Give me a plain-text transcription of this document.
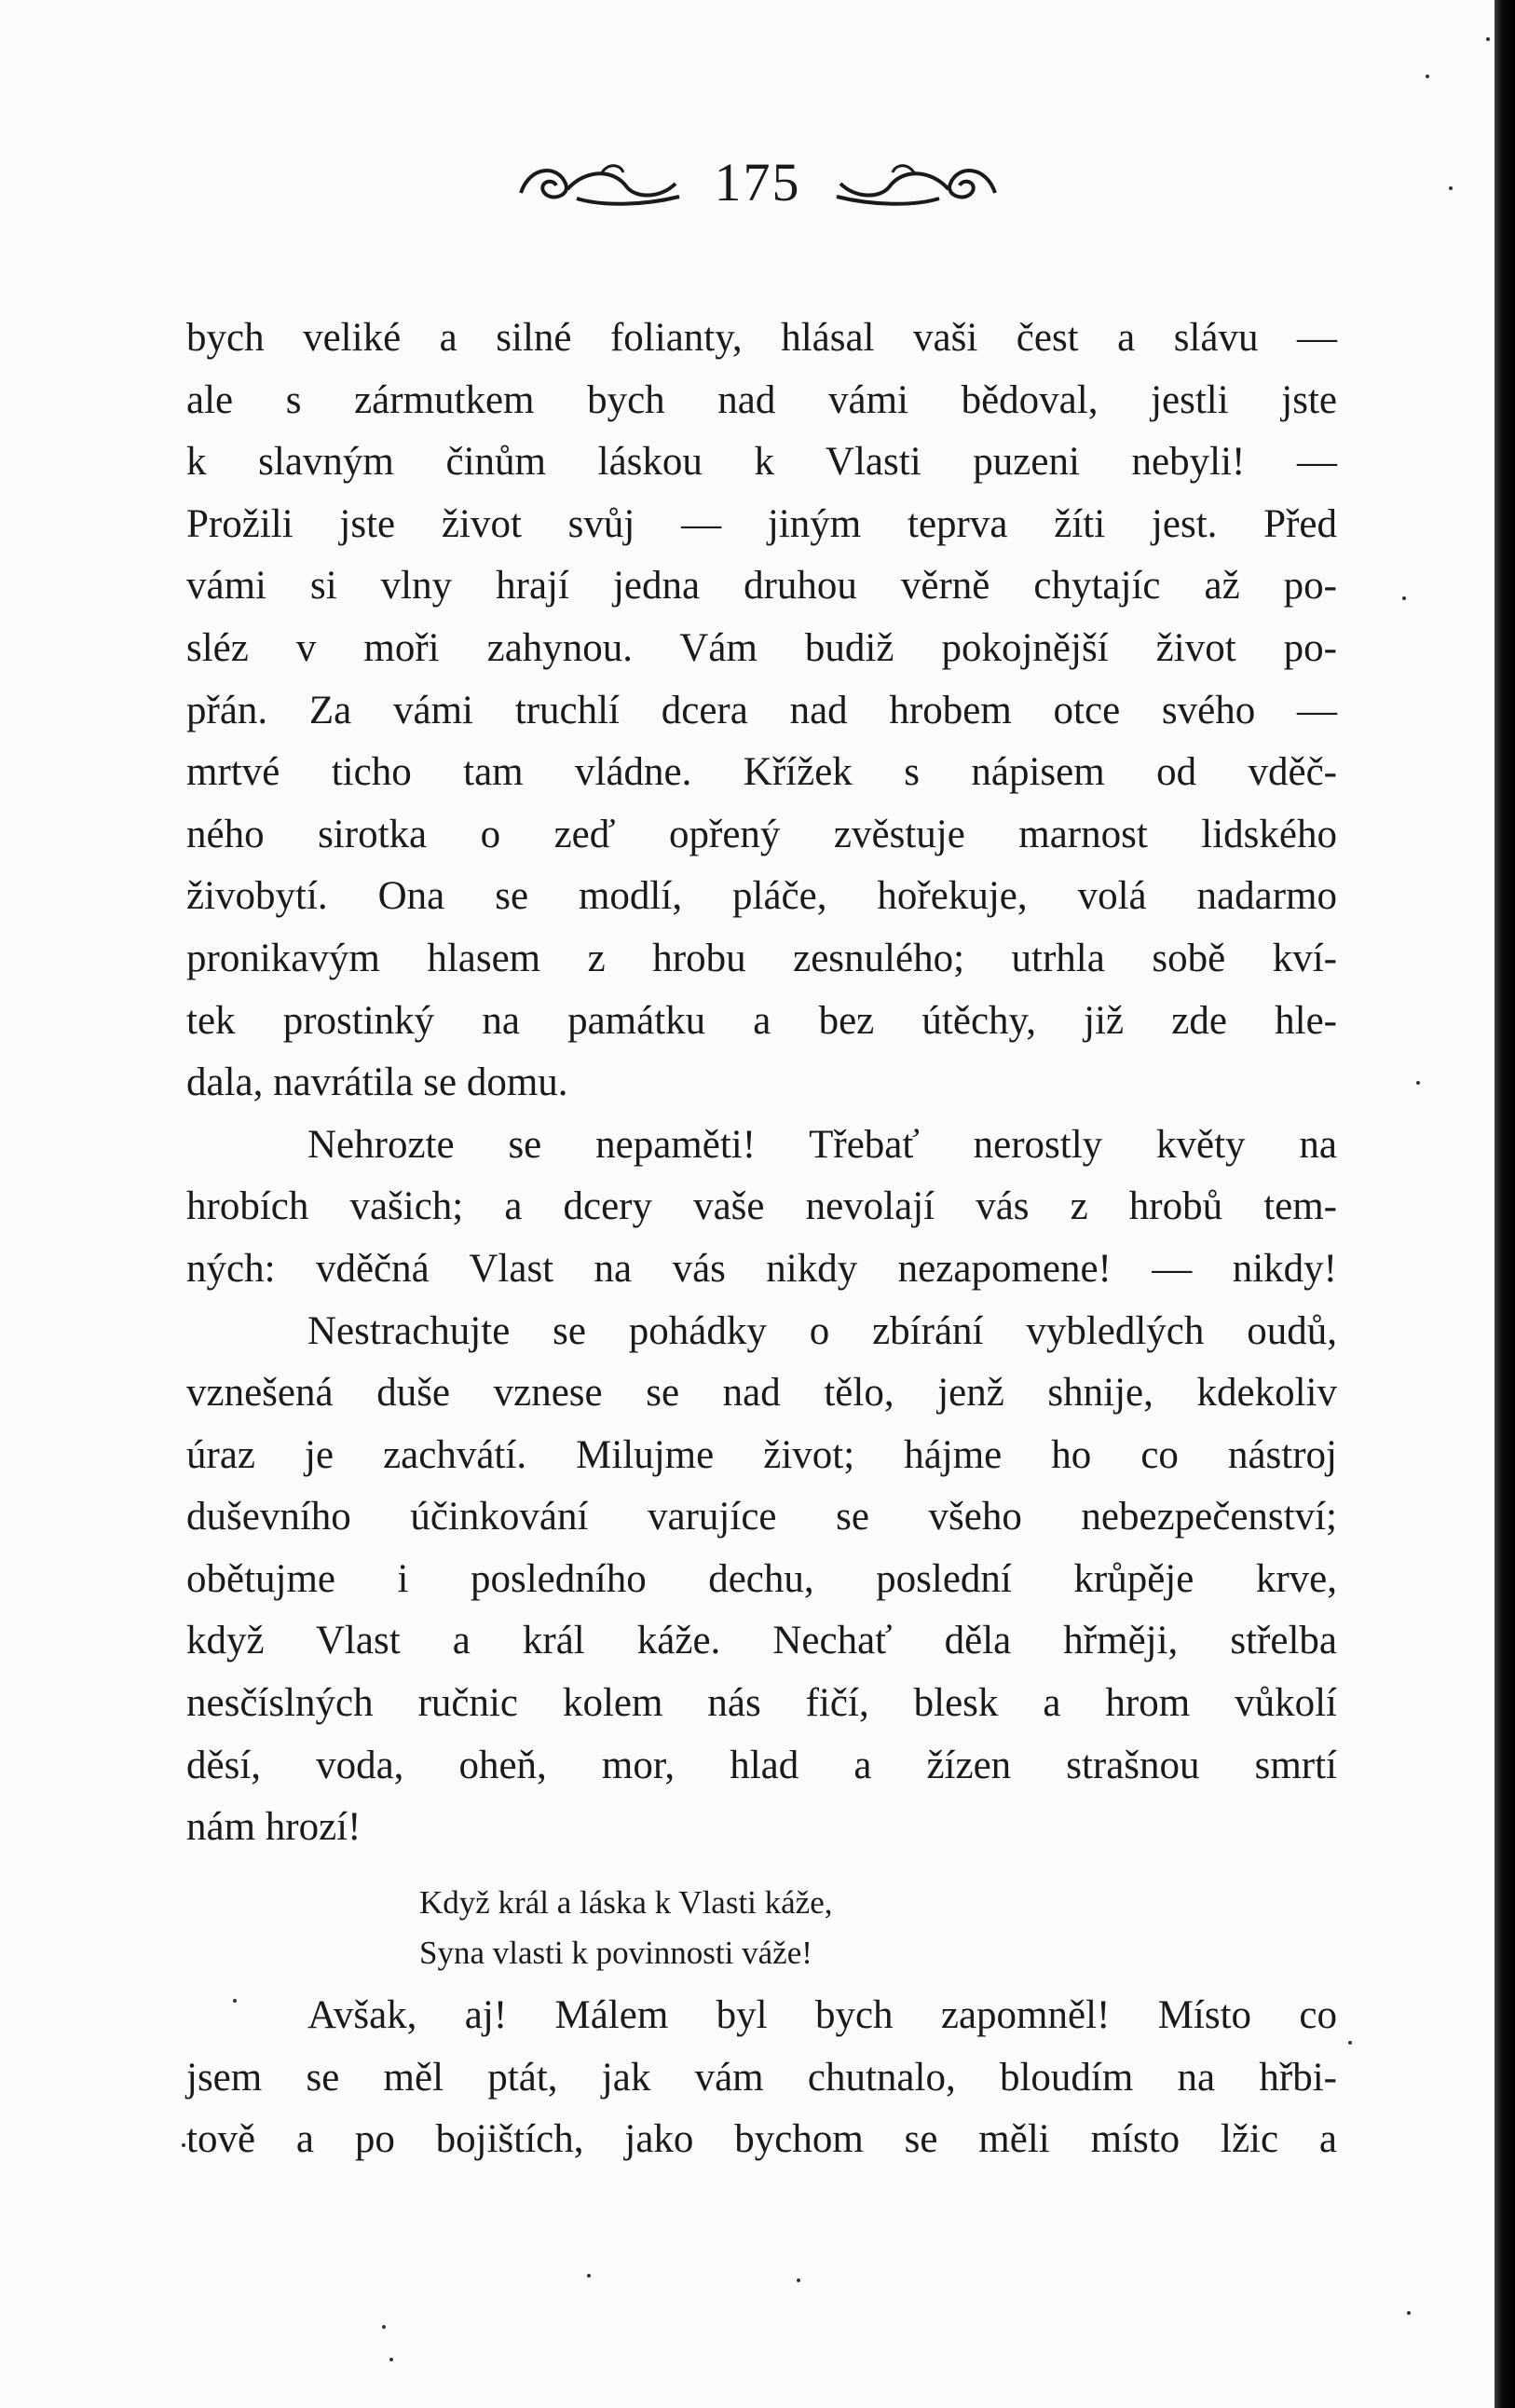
175
bych veliké a silné folianty, hlásal vaši čest a slávu —
ale s zármutkem bych nad vámi bědoval, jestli jste
k slavným činům láskou k Vlasti puzeni nebyli! —
Prožili jste život svůj — jiným teprva žíti jest. Před
vámi si vlny hrají jedna druhou věrně chytajíc až po-
sléz v moři zahynou. Vám budiž pokojnější život po-
přán. Za vámi truchlí dcera nad hrobem otce svého —
mrtvé ticho tam vládne. Křížek s nápisem od vděč-
ného sirotka o zeď opřený zvěstuje marnost lidského
živobytí. Ona se modlí, pláče, hořekuje, volá nadarmo
pronikavým hlasem z hrobu zesnulého; utrhla sobě kví-
tek prostinký na památku a bez útěchy, již zde hle-
dala, navrátila se domu.
Nehrozte se nepaměti! Třebať nerostly květy na
hrobích vašich; a dcery vaše nevolají vás z hrobů tem-
ných: vděčná Vlast na vás nikdy nezapomene! — nikdy!
Nestrachujte se pohádky o zbírání vybledlých oudů,
vznešená duše vznese se nad tělo, jenž shnije, kdekoliv
úraz je zachvátí. Milujme život; hájme ho co nástroj
duševního účinkování varujíce se všeho nebezpečenství;
obětujme i posledního dechu, poslední krůpěje krve,
když Vlast a král káže. Nechať děla hřměji, střelba
nesčíslných ručnic kolem nás fičí, blesk a hrom vůkolí
děsí, voda, oheň, mor, hlad a žízen strašnou smrtí
nám hrozí!
Když král a láska k Vlasti káže,
Syna vlasti k povinnosti váže!
Avšak, aj! Málem byl bych zapomněl! Místo co
jsem se měl ptát, jak vám chutnalo, bloudím na hřbi-
tově a po bojištích, jako bychom se měli místo lžic a
